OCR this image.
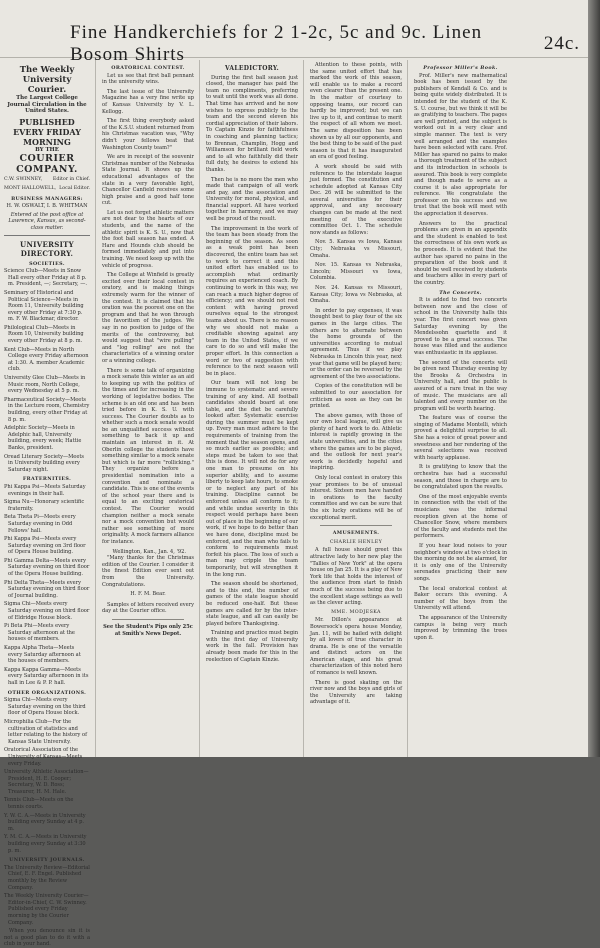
Fine Handkerchiefs for 2 1-2c, 5c and 9c. Linen Bosom Shirts
24c.
The Weekly University Courier.
The Largest College Journal Circulation in the United States.
PUBLISHED EVERY FRIDAY MORNING
BY THE
COURIER COMPANY.
C.W. SWINNEY, Editor in Chief.
MONT HALLOWELL, Local Editor.
BUSINESS MANAGERS:
H. W. OSWALT, I. B. WHITMAN
Entered at the post office at Lawrence, Kansas, as second-class matter.
UNIVERSITY DIRECTORY.
SOCIETIES.
Science Club—Meets in Snow Hall every other Friday at 8 p. m. President, —; Secretary, —.
Seminary of Historical and Political Science—Meets in Room 11, University building every other Friday at 7:30 p. m. F. W. Blackmar, director.
Philological Club—Meets in Room 10, University building every other Friday at 8 p. m.
Kent Club—Meets in North College every Friday afternoon at 1:30. A. member Academic club.
University Glee Club—Meets in Music room, North College, every Wednesday at 5 p. m.
Pharmaceutical Society—Meets in the Lecture room, Chemistry building, every other Friday at 8 p. m.
Adelphic Society—Meets in Adelphic hall, University building, every week; Hattie Banks, president.
Oread Literary Society—Meets in University building every Saturday night.
FRATERNITIES.
Phi Kappa Psi—Meets Saturday evenings in their hall.
Sigma Nu—Honorary scientific fraternity.
Beta Theta Pi—Meets every Saturday evening in Odd Fellows' hall.
Phi Kappa Psi—Meets every Saturday evening on 3rd floor of Opera House building.
Phi Gamma Delta—Meets every Saturday evening on third floor of the Opera House building.
Phi Delta Theta—Meets every Saturday evening on third floor of Journal building.
Sigma Chi—Meets every Saturday evening on third floor of Eldridge House block.
Pi Beta Phi—Meets every Saturday afternoon at the houses of members.
Kappa Alpha Theta—Meets every Saturday afternoon at the houses of members.
Kappa Kappa Gamma—Meets every Saturday afternoon in its hall in Lee & P. P. hall.
OTHER ORGANIZATIONS.
Sigma Chi—Meets every Saturday evening on the third floor of Opera House block.
Microphilia Club—For the cultivation of statistics and letter relating to the history of Kansas State University.
Oratorical Association of the University of Kansas—Meets every Friday.
University Athletic Association—President, H. E. Cooper; Secretary, W. D. Ross; Treasurer, H. M. Hale.
Tennis Club—Meets on the tennis courts.
Y. W. C. A.—Meets in University building every Sunday at 4 p. m.
Y. M. C. A.—Meets in University building every Sunday at 3:30 p. m.
UNIVERSITY JOURNALS.
The University Review—Editorial Chief, E. F. Engel. Published monthly by the Review Company.
The Weekly University Courier—Editor-in-Chief, C. W. Swinney. Published every Friday morning by the Courier Company.

When you denounce sin it is not a good plan to do it with a club in your hand.

ORATORICAL CONTEST.

Let us see that first ball pennant in the university wins.

The last issue of the University Magazine has a very fine write up of Kansas University by V. L. Kellogg.

The first thing everybody asked of the K.S.U. student returned from his Christmas vacation was, "Why didn't your fellows beat that Washington County team?"

We are in receipt of the souvenir Christmas number of the Nebraska State Journal. It shows up the educational advantages of the state in a very favorable light, Chancellor Canfield receives some high praise and a good half tone cut.

Let us not forget athletic matters are not dear to the hearts of our students, and the name of the athletic spirit is K. S. U., now that the foot ball season has ended. A Hare and Hounds club should be formed immediately and put into training. We need keep up with the vehicle of progress.

The College at Winfield is greatly excited over their local contest in oratory, and is making things extremely warm for the winner of the contest. It is claimed that his oration was the poorest one on the program and that he won through the favoritism of the judges. We say in no position to judge of the merits of the controversy, but would suggest that "wire pulling" and "log rolling" are not the characteristics of a winning orator or a winning college.

There is some talk of organizing a mock senate this winter as an aid to keeping up with the politics of the times and for increasing in the working of legislative bodies. The scheme is an old one and has been tried before in K. S. U. with success. The Courier doubts as to whether such a mock senate would be an unqualified success without something to back it up and maintain an interest in it. At Oberlin college the students have something similar to a mock senate but which is far more "rollicking." They organize before a presidential nomination into a convention and nominate a candidate. This is one of the events of the school year there and is equal to an exciting oratorical contest. The Courier would champion neither a mock senate nor a mock convention but would rather see something of more originality. A mock farmers alliance for instance.

Wellington, Kan., Jan. 4, '92.

"Many thanks for the Christmas edition of the Courier. I consider it the finest Edition ever sent out from the University. Congratulations.

H. F. M. Bear.

Samples of letters received every day at the Courier office.

See the Student's Pips only 25c at Smith's News Depot.
VALEDICTORY.

During the first ball season just closed, the manager has paid the team no compliments, preferring to wait until the work was all done. That time has arrived and he now wishes to express publicly to the team and the second eleven his cordial appreciation of their labors. To Captain Kinzie for faithfulness in coaching and planning tactics; to Brennan, Champlin, Hogg and Williamson for brilliant field work and to all who faithfully did their full duty, he desires to extend his thanks.

Then he is no more the men who made that campaign of all work and pay, and the association and University for moral, physical, and financial support. All have worked together in harmony, and we may well be proud of the result.

The improvement in the work of the team has been steady from the beginning of the season. As soon as a weak point has been discovered, the entire team has set to work to correct it and this united effort has enabled us to accomplish what ordinarily requires an experienced coach. By continuing to work in this way, we can reach a much higher degree of efficiency; and we should not rest content with having proved ourselves equal to the strongest teams about us. There is no reason why we should not make a creditable showing against any team in the United States, if we care to do so and will make the proper effort. In this connection a word or two of suggestion with reference to the next season will be in place.

Our team will not long be immune to systematic and severe training of any kind. All football candidates should board at one table, and the diet be carefully looked after. Systematic exercise during the summer must be kept up. Every man must adhere to the requirements of training from the moment that the season opens, and so much earlier as possible; and steps must be taken to see that this is done. It will not do for any one man to presume on his superior ability, and to assume liberty to keep late hours, to smoke or to neglect any part of his training. Discipline cannot be enforced unless all conform to it; and while undue severity in this respect would perhaps have been out of place in the beginning of our work, if we hope to do better than we have done, discipline must be enforced, and the man who fails to conform to requirements must forfeit his place. The loss of such a man may cripple the team temporarily, but will strengthen it in the long run.

The season should be shortened, and to this end, the number of games of the state league should be reduced one-half. But these games are called for by the inter-state league, and all can easily be played before Thanksgiving.

Training and practice must begin with the first day of University work in the fall. Provision has already been made for this in the reelection of Captain Kinzie.

Attention to these points, with the same united effort that has marked the work of this season, will enable us to make a record even clearer than the present one. In the matter of courtesy to opposing teams, our record can hardly be improved; but we can live up to it, and continue to merit the respect of all whom we meet. The same disposition has been shown us by all our opponents, and the best thing to be said of the past season is that it has inaugurated an era of good feeling.

A work should be said with reference to the interstate league just formed. The constitution and schedule adopted at Kansas City Dec. 26 will be submitted to the several universities for their approval, and any necessary changes can be made at the next meeting of the executive committee Oct. 1. The schedule now stands as follows:

Nov. 5. Kansas vs Iowa, Kansas City; Nebraska vs Missouri, Omaha.

Nov. 15. Kansas vs Nebraska, Lincoln; Missouri vs Iowa, Columbia.

Nov. 24. Kansas vs Missouri, Kansas City; Iowa vs Nebraska, at Omaha.

In order to pay expenses, it was thought best to play four of the six games in the large cities. The others are to alternate between the home grounds of the universities according to mutual agreement. Thus if we play Nebraska in Lincoln this year, next year that game will be played here; or the order can be reversed by the agreement of the two associations.

Copies of the constitution will be submitted to our association for criticism as soon as they can be printed.

The above games, with those of our own local league, will give us plenty of hard work to do. Athletic interest is rapidly growing in the state universities, and in the cities where the games are to be played, and the outlook for next year's work is decidedly hopeful and inspiring.

Only local contest in oratory this year promises to be of unusual interest. Sixteen men have handed in orations to the faculty committee and we can be sure that the six lucky orations will be of exceptional merit.

AMUSEMENTS.
CHARLIE HENLEY

A full house should greet this attractive lady to her new play the "Tallies of New York" at the opera house on Jan 25. It is a play of New York life that holds the interest of the audience from start to finish much of the success being due to the excellent stage settings as well as the clever acting.

MME. MODJESKA

Mr. Dillon's appearance at Bowersock's opera house Monday, Jan. 11, will be hailed with delight by all lovers of true character in drama. He is one of the versatile and distinct actors on the American stage, and his great characterization of this noted hero of romance is well known.

There is good skating on the river now and the boys and girls of the University are taking advantage of it.

Professor Miller's Book.

Prof. Miller's new mathematical book has been issued by the publishers of Kendall & Co. and is being quite widely distributed. It is intended for the student of the K. S. U. course, but we think it will be as gratifying to teachers. The pages are well printed, and the subject is worked out in a very clear and simple manner. The text is very well arranged and the examples have been selected with care. Prof. Miller has spared no pains to make a thorough treatment of the subject and its introduction in schools is assured. This book is very complete and though made to serve as a course it is also appropriate for reference. We congratulate the professor on his success and we trust that the book will meet with the appreciation it deserves.

Answers to the practical problems are given in an appendix and the student is enabled to test the correctness of his own work as he proceeds. It is evident that the author has spared no pains in the preparation of the book and it should be well received by students and teachers alike in every part of the country.

The Concerts.

It is added to find two concerts between now and the close of school in the University halls this year. The first concert was given Saturday evening by the Mendelssohn quartette and it proved to be a great success. The house was filled and the audience was enthusiastic in its applause.

The second of the concerts will be given next Thursday evening by the Brooks & Orchestra in University hall, and the public is assured of a rare treat in the way of music. The musicians are all talented and every number on the program will be worth hearing.

The feature was of course the singing of Madame Montelli, which proved a delightful surprise to all. She has a voice of great power and sweetness and her rendering of the several selections was received with hearty applause.

It is gratifying to know that the orchestra has had a successful season, and those in charge are to be congratulated upon the results.

One of the most enjoyable events in connection with the visit of the musicians was the informal reception given at the home of Chancellor Snow, where members of the faculty and students met the performers.

If you hear loud noises to your neighbor's window at two o'clock in the morning do not be alarmed, for it is only one of the University serenades practicing their new songs.

The local oratorical contest at Baker occurs this evening. A number of the boys from the University will attend.

The appearance of the University campus is being very much improved by trimming the trees upon it.
